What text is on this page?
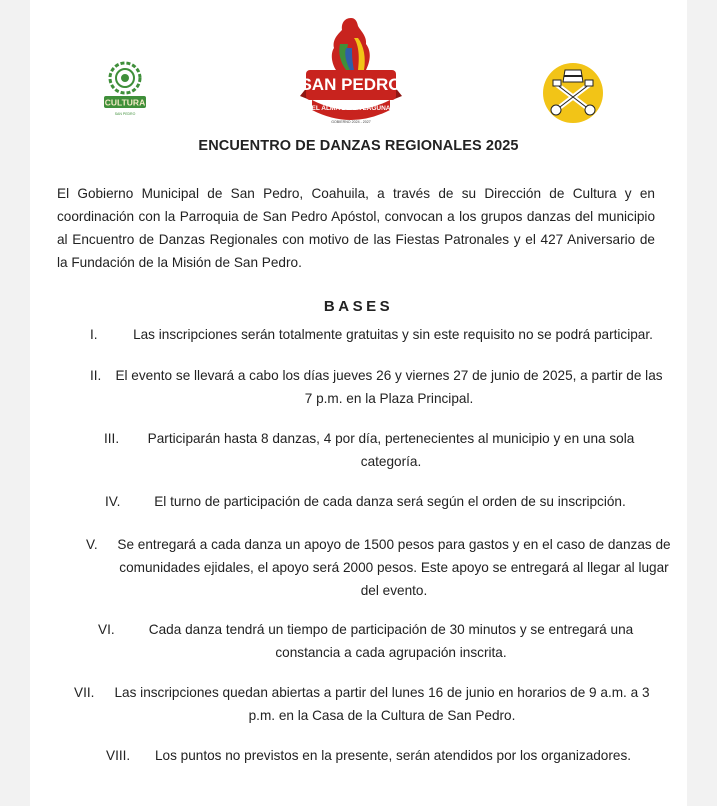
CULTURA
SAN PEDRO
SAN PEDRO
EL ALMA DE LA LAGUNA
GOBIERNO 2024 - 2027
ENCUENTRO DE DANZAS REGIONALES 2025
El Gobierno Municipal de San Pedro, Coahuila, a través de su Dirección de Cultura y en coordinación con la Parroquia de San Pedro Apóstol, convocan a los grupos danzas del municipio al Encuentro de Danzas Regionales con motivo de las Fiestas Patronales y el 427 Aniversario de la Fundación de la Misión de San Pedro.
BASES
I.	Las inscripciones serán totalmente gratuitas y sin este requisito no se podrá participar.
II. El evento se llevará a cabo los días jueves 26 y viernes 27 de junio de 2025, a partir de las 7 p.m. en la Plaza Principal.
III.	Participarán hasta 8 danzas, 4 por día, pertenecientes al municipio y en una sola categoría.
IV.	El turno de participación de cada danza será según el orden de su inscripción.
V.	Se entregará a cada danza un apoyo de 1500 pesos para gastos y en el caso de danzas de comunidades ejidales, el apoyo será 2000 pesos. Este apoyo se entregará al llegar al lugar del evento.
VI.	Cada danza tendrá un tiempo de participación de 30 minutos y se entregará una constancia a cada agrupación inscrita.
VII.	Las inscripciones quedan abiertas a partir del lunes 16 de junio en horarios de 9 a.m. a 3 p.m. en la Casa de la Cultura de San Pedro.
VIII.	Los puntos no previstos en la presente, serán atendidos por los organizadores.
